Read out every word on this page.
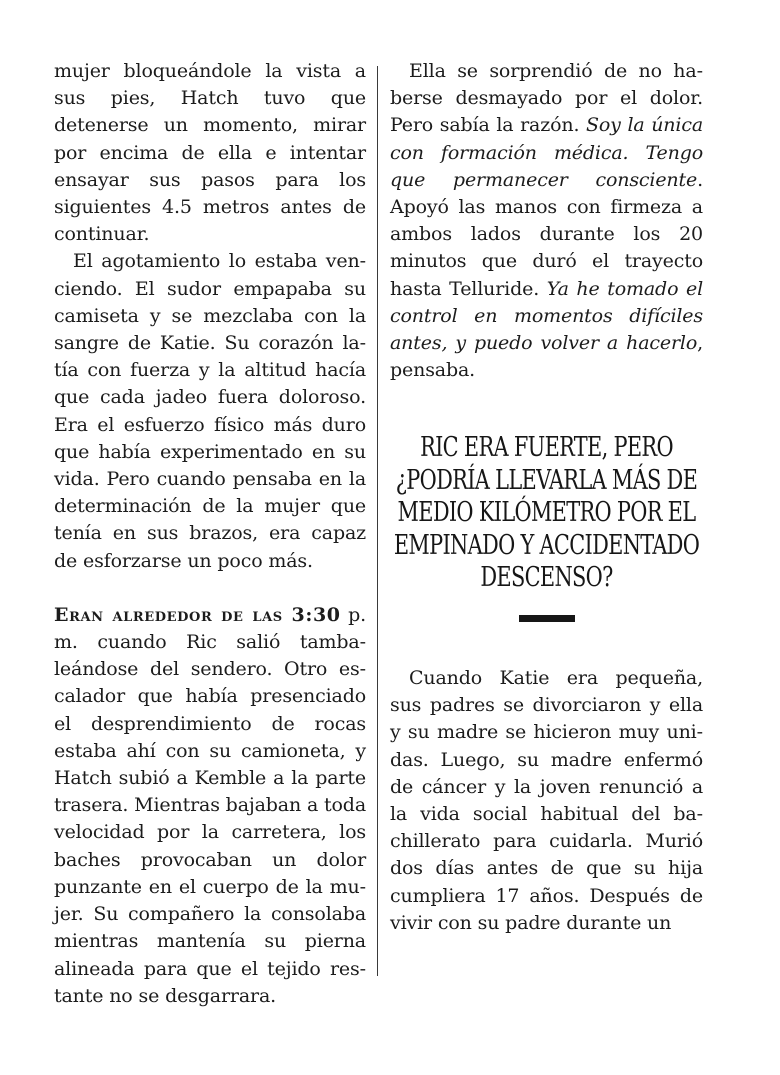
mujer bloqueándole la vista a sus pies, Hatch tuvo que detenerse un momento, mirar por encima de ella e intentar ensayar sus pasos para los siguientes 4.5 metros antes de continuar.

El agotamiento lo estaba venciendo. El sudor empapaba su camiseta y se mezclaba con la sangre de Katie. Su corazón latía con fuerza y la altitud hacía que cada jadeo fuera doloroso. Era el esfuerzo físico más duro que había experimentado en su vida. Pero cuando pensaba en la determinación de la mujer que tenía en sus brazos, era capaz de esforzarse un poco más.

Eran alrededor de las 3:30 p. m. cuando Ric salió tambaleándose del sendero. Otro escalador que había presenciado el desprendimiento de rocas estaba ahí con su camioneta, y Hatch subió a Kemble a la parte trasera. Mientras bajaban a toda velocidad por la carretera, los baches provocaban un dolor punzante en el cuerpo de la mujer. Su compañero la consolaba mientras mantenía su pierna alineada para que el tejido restante no se desgarrara.

Ella se sorprendió de no haberse desmayado por el dolor. Pero sabía la razón. Soy la única con formación médica. Tengo que permanecer consciente. Apoyó las manos con firmeza a ambos lados durante los 20 minutos que duró el trayecto hasta Telluride. Ya he tomado el control en momentos difíciles antes, y puedo volver a hacerlo, pensaba.

RIC ERA FUERTE, PERO ¿PODRÍA LLEVARLA MÁS DE MEDIO KILÓMETRO POR EL EMPINADO Y ACCIDENTADO DESCENSO?

Cuando Katie era pequeña, sus padres se divorciaron y ella y su madre se hicieron muy unidas. Luego, su madre enfermó de cáncer y la joven renunció a la vida social habitual del bachillerato para cuidarla. Murió dos días antes de que su hija cumpliera 17 años. Después de vivir con su padre durante un
